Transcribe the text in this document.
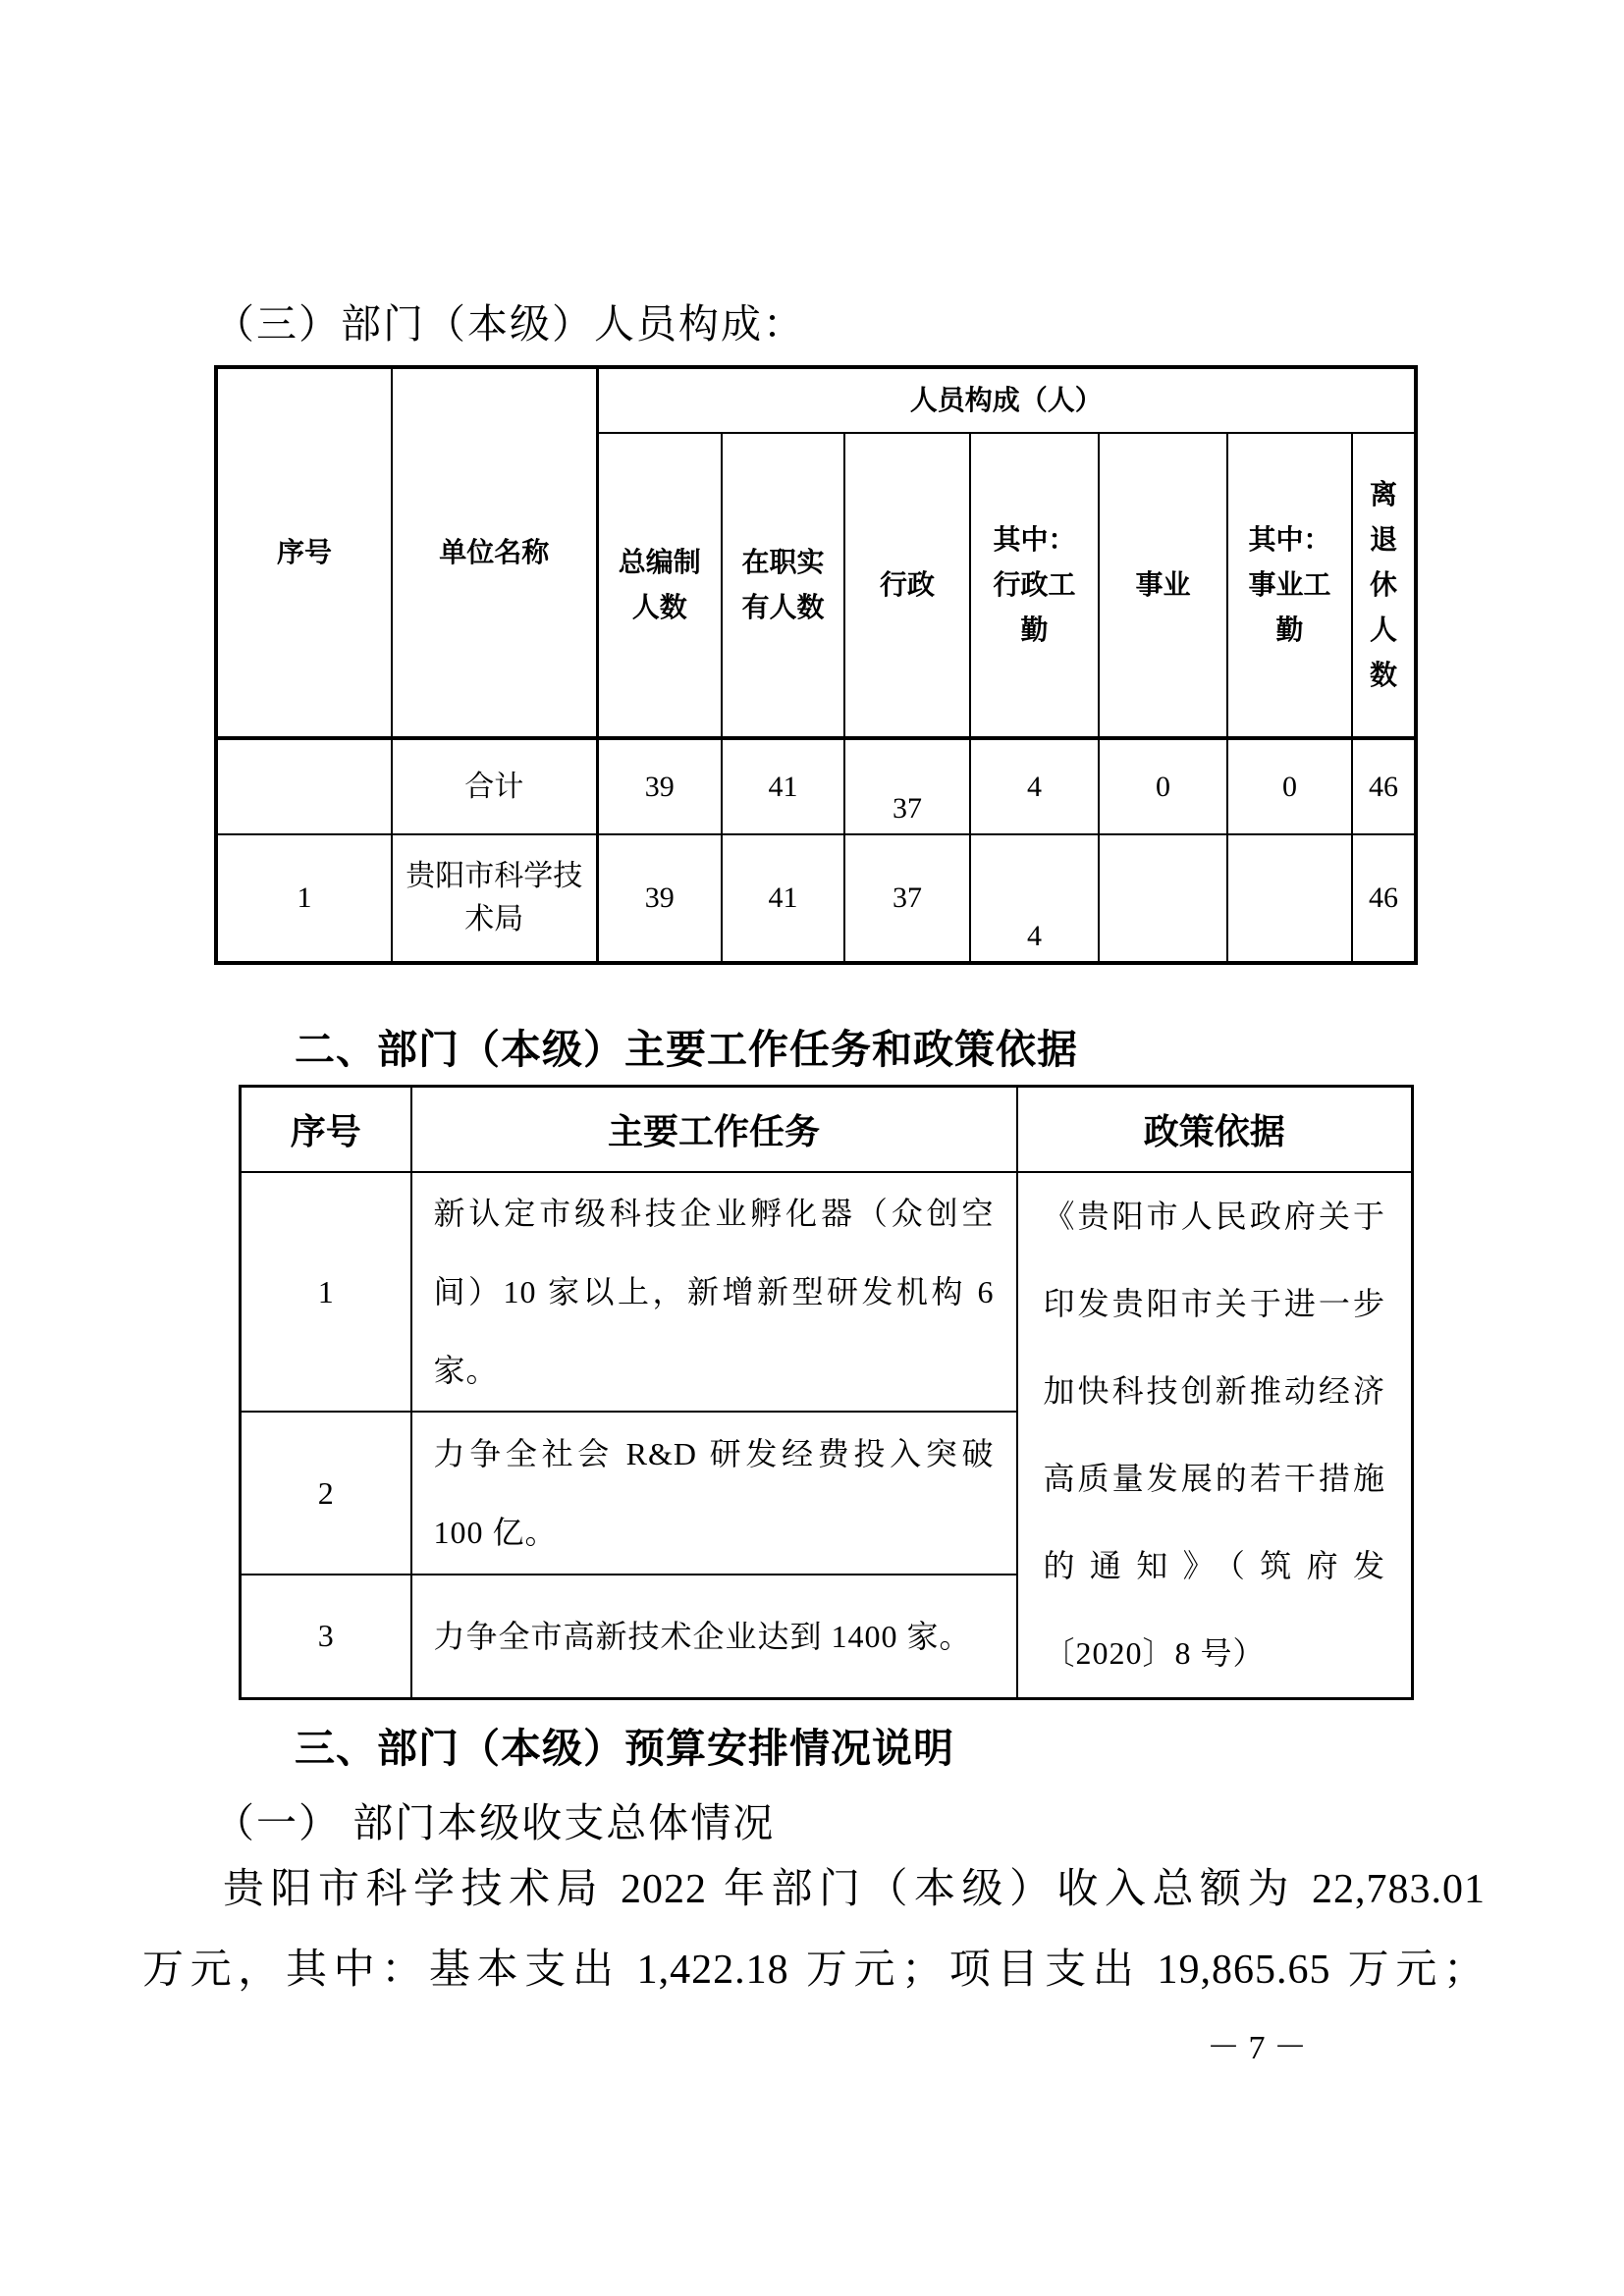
（三）部门（本级）人员构成：
序号	单位名称	人员构成（人）						
		总编制人数	在职实有人数	行政	其中：行政工勤	事业	其中：事业工勤	离退休人数
	合计	39	41	37	4	0	0	46
1	贵阳市科学技术局	39	41	37	4			46
二、部门（本级）主要工作任务和政策依据
序号	主要工作任务	政策依据
1	新认定市级科技企业孵化器（众创空间）10 家以上，新增新型研发机构 6 家。	《贵阳市人民政府关于印发贵阳市关于进一步加快科技创新推动经济高质量发展的若干措施的通知》（筑府发〔2020〕8 号）
2	力争全社会 R&D 研发经费投入突破 100 亿。	
3	力争全市高新技术企业达到 1400 家。	
三、部门（本级）预算安排情况说明
（一） 部门本级收支总体情况
贵阳市科学技术局 2022 年部门（本级）收入总额为 22,783.01
万元，其中：基本支出 1,422.18 万元；项目支出 19,865.65 万元；
－ 7 －
